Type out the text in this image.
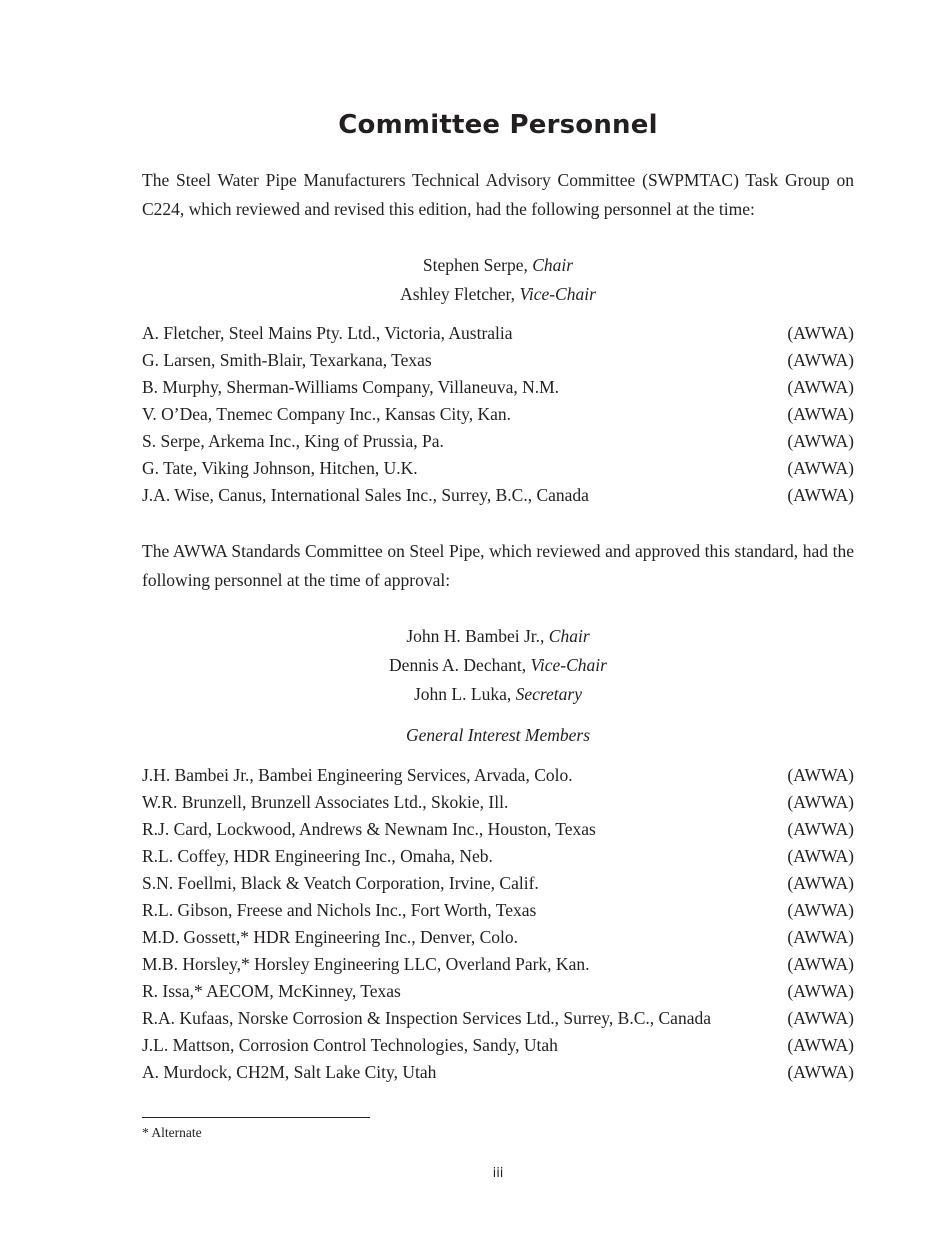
Committee Personnel
The Steel Water Pipe Manufacturers Technical Advisory Committee (SWPMTAC) Task Group on C224, which reviewed and revised this edition, had the following personnel at the time:
Stephen Serpe, Chair
Ashley Fletcher, Vice-Chair
A. Fletcher, Steel Mains Pty. Ltd., Victoria, Australia	(AWWA)
G. Larsen, Smith-Blair, Texarkana, Texas	(AWWA)
B. Murphy, Sherman-Williams Company, Villaneuva, N.M.	(AWWA)
V. O’Dea, Tnemec Company Inc., Kansas City, Kan.	(AWWA)
S. Serpe, Arkema Inc., King of Prussia, Pa.	(AWWA)
G. Tate, Viking Johnson, Hitchen, U.K.	(AWWA)
J.A. Wise, Canus, International Sales Inc., Surrey, B.C., Canada	(AWWA)
The AWWA Standards Committee on Steel Pipe, which reviewed and approved this standard, had the following personnel at the time of approval:
John H. Bambei Jr., Chair
Dennis A. Dechant, Vice-Chair
John L. Luka, Secretary
General Interest Members
J.H. Bambei Jr., Bambei Engineering Services, Arvada, Colo.	(AWWA)
W.R. Brunzell, Brunzell Associates Ltd., Skokie, Ill.	(AWWA)
R.J. Card, Lockwood, Andrews & Newnam Inc., Houston, Texas	(AWWA)
R.L. Coffey, HDR Engineering Inc., Omaha, Neb.	(AWWA)
S.N. Foellmi, Black & Veatch Corporation, Irvine, Calif.	(AWWA)
R.L. Gibson, Freese and Nichols Inc., Fort Worth, Texas	(AWWA)
M.D. Gossett,* HDR Engineering Inc., Denver, Colo.	(AWWA)
M.B. Horsley,* Horsley Engineering LLC, Overland Park, Kan.	(AWWA)
R. Issa,* AECOM, McKinney, Texas	(AWWA)
R.A. Kufaas, Norske Corrosion & Inspection Services Ltd., Surrey, B.C., Canada	(AWWA)
J.L. Mattson, Corrosion Control Technologies, Sandy, Utah	(AWWA)
A. Murdock, CH2M, Salt Lake City, Utah	(AWWA)
* Alternate
iii
